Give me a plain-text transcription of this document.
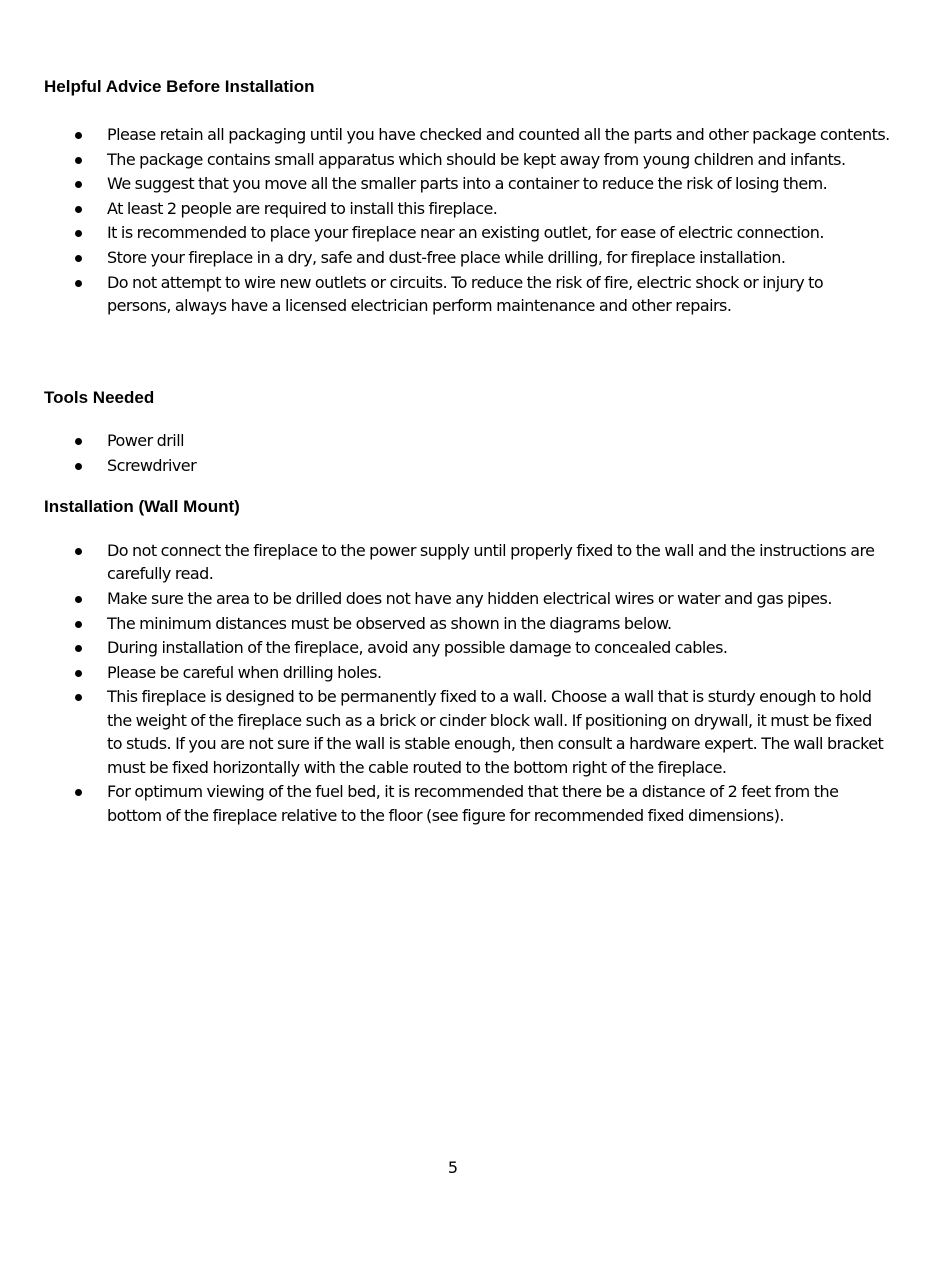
Helpful Advice Before Installation
Please retain all packaging until you have checked and counted all the parts and other package contents.
The package contains small apparatus which should be kept away from young children and infants.
We suggest that you move all the smaller parts into a container to reduce the risk of losing them.
At least 2 people are required to install this fireplace.
It is recommended to place your fireplace near an existing outlet, for ease of electric connection.
Store your fireplace in a dry, safe and dust-free place while drilling, for fireplace installation.
Do not attempt to wire new outlets or circuits. To reduce the risk of fire, electric shock or injury to persons, always have a licensed electrician perform maintenance and other repairs.
Tools Needed
Power drill
Screwdriver
Installation (Wall Mount)
Do not connect the fireplace to the power supply until properly fixed to the wall and the instructions are carefully read.
Make sure the area to be drilled does not have any hidden electrical wires or water and gas pipes.
The minimum distances must be observed as shown in the diagrams below.
During installation of the fireplace, avoid any possible damage to concealed cables.
Please be careful when drilling holes.
This fireplace is designed to be permanently fixed to a wall. Choose a wall that is sturdy enough to hold the weight of the fireplace such as a brick or cinder block wall. If positioning on drywall, it must be fixed to studs. If you are not sure if the wall is stable enough, then consult a hardware expert. The wall bracket must be fixed horizontally with the cable routed to the bottom right of the fireplace.
For optimum viewing of the fuel bed, it is recommended that there be a distance of 2 feet from the bottom of the fireplace relative to the floor (see figure for recommended fixed dimensions).
5
